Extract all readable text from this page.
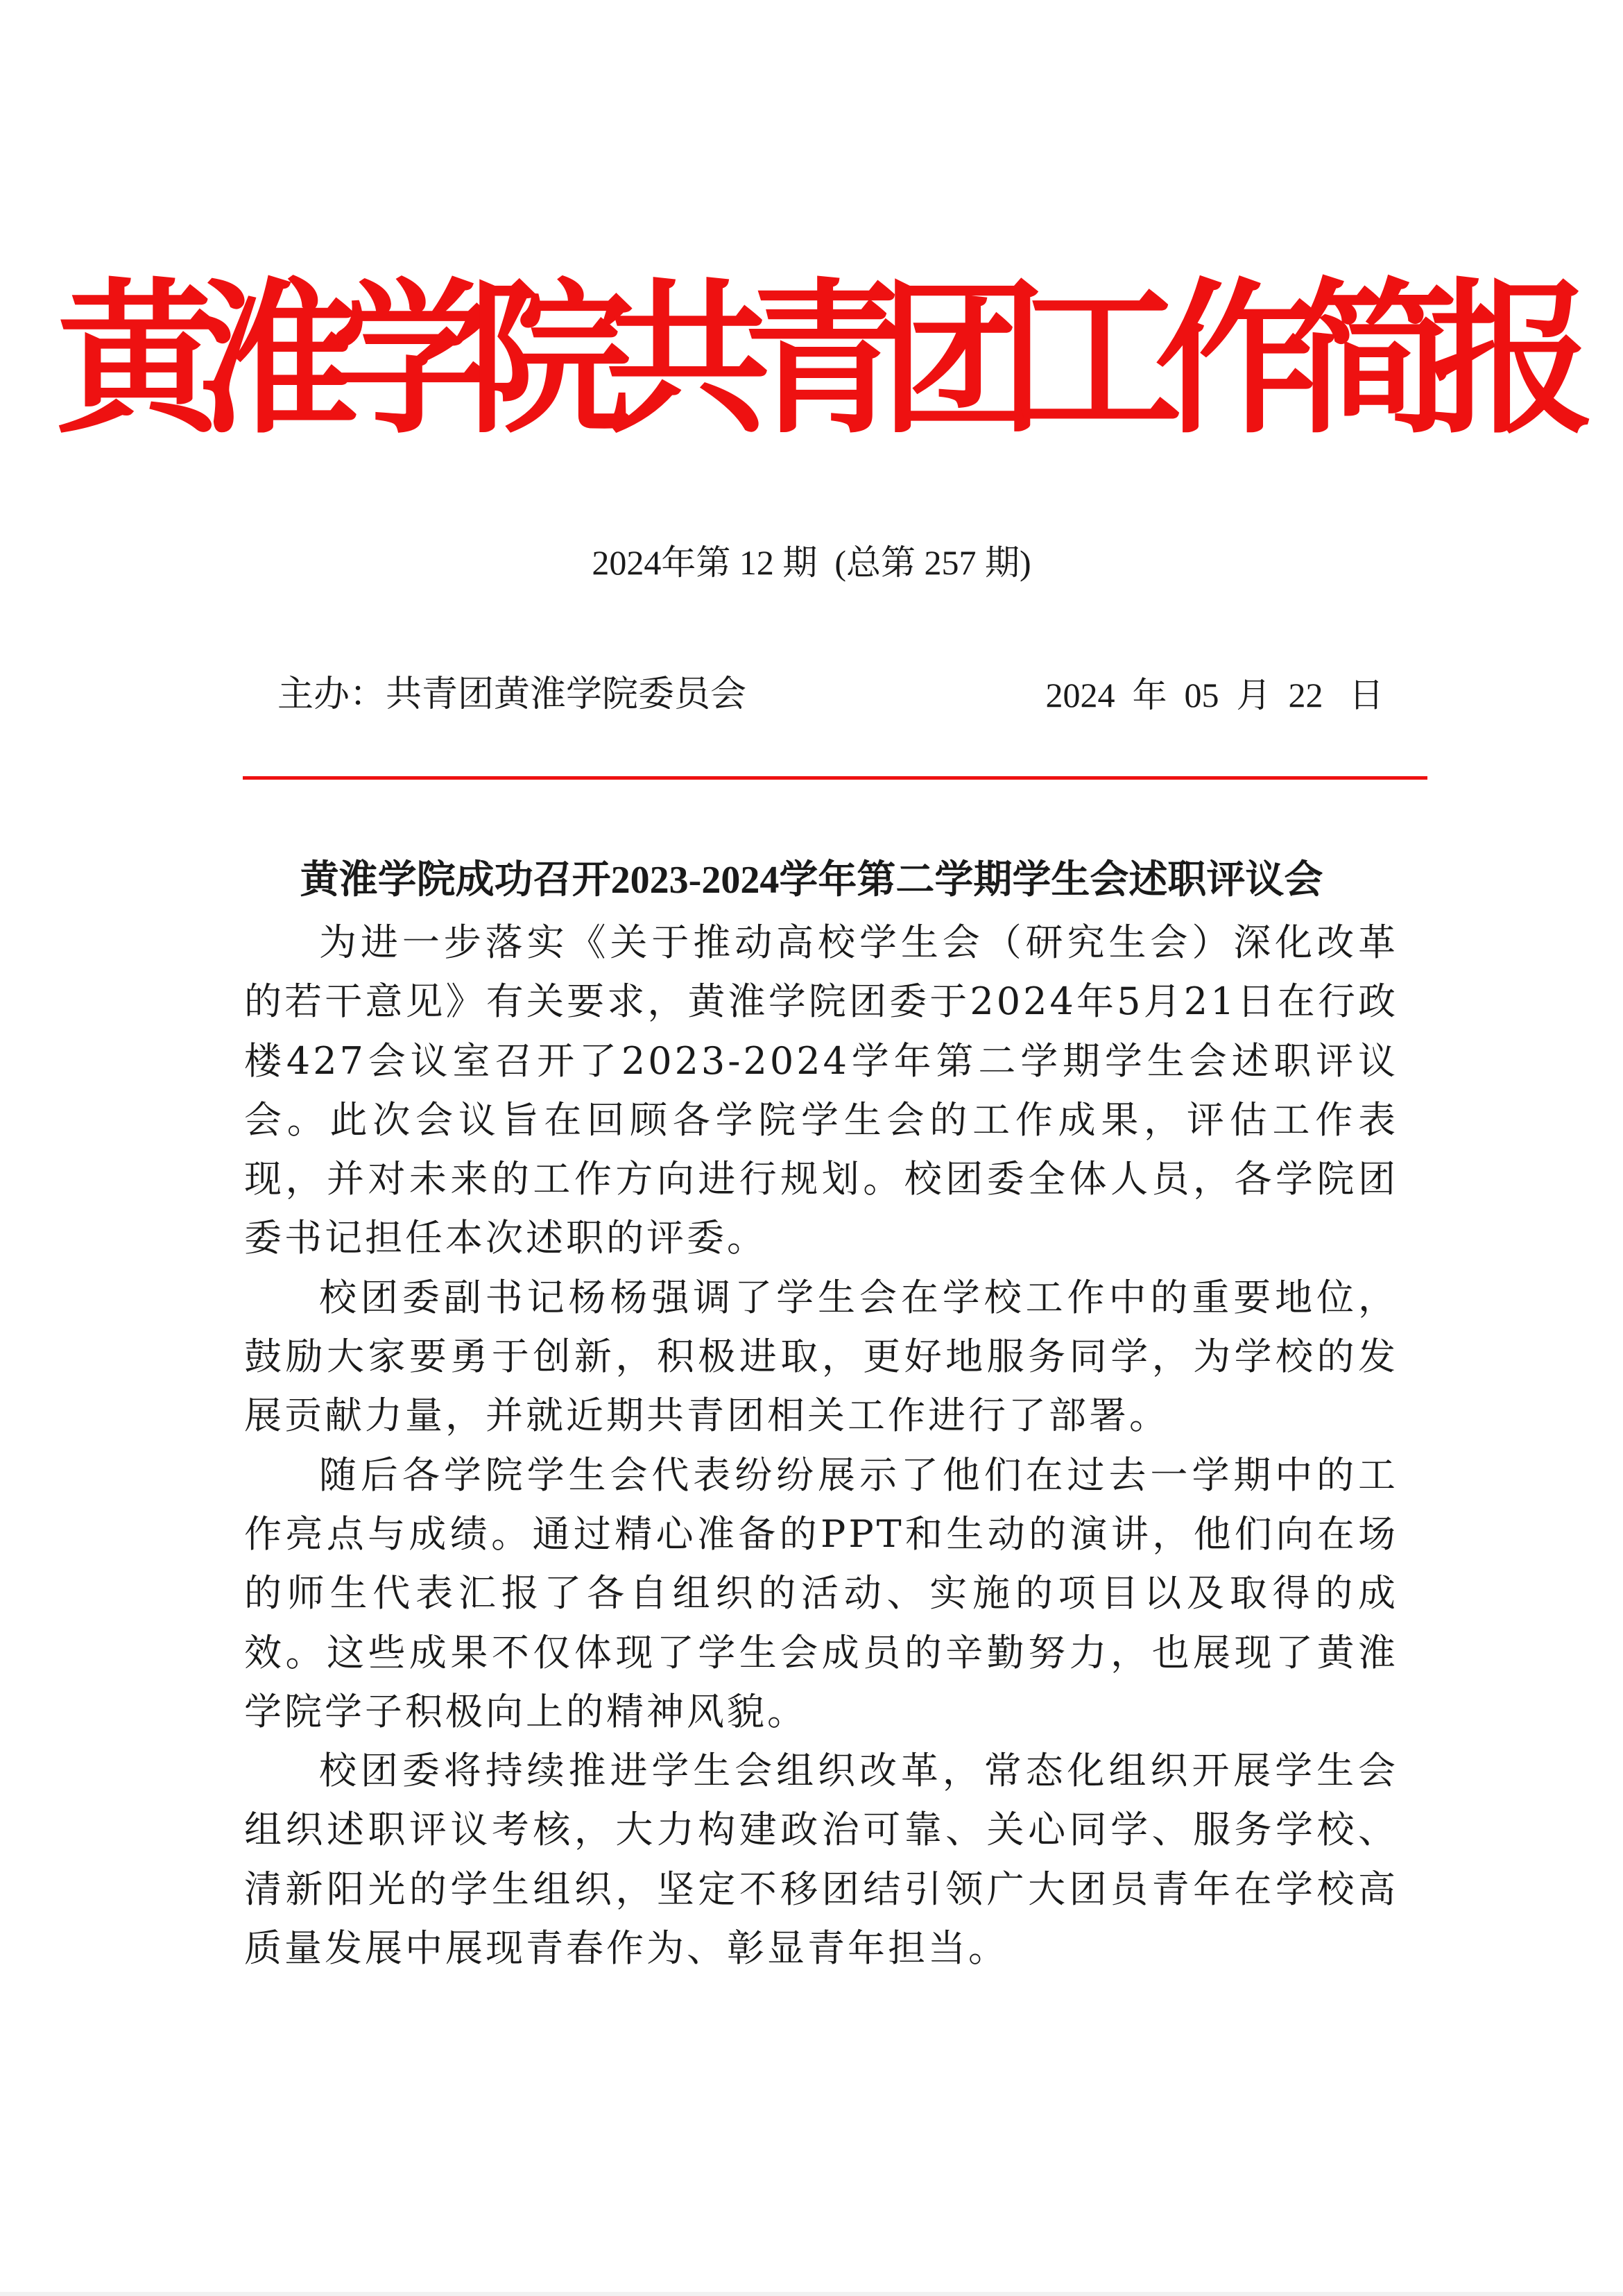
黄淮学院共青团工作简报
2024年第 12 期  (总第 257 期)
主办：共青团黄淮学院委员会	2024  年  05  月  22   日
黄淮学院成功召开2023-2024学年第二学期学生会述职评议会

为进一步落实《关于推动高校学生会（研究生会）深化改革的若干意见》有关要求，黄淮学院团委于2024年5月21日在行政楼427会议室召开了2023-2024学年第二学期学生会述职评议会。此次会议旨在回顾各学院学生会的工作成果，评估工作表现，并对未来的工作方向进行规划。校团委全体人员，各学院团委书记担任本次述职的评委。

校团委副书记杨杨强调了学生会在学校工作中的重要地位，鼓励大家要勇于创新，积极进取，更好地服务同学，为学校的发展贡献力量，并就近期共青团相关工作进行了部署。

随后各学院学生会代表纷纷展示了他们在过去一学期中的工作亮点与成绩。通过精心准备的PPT和生动的演讲，他们向在场的师生代表汇报了各自组织的活动、实施的项目以及取得的成效。这些成果不仅体现了学生会成员的辛勤努力，也展现了黄淮学院学子积极向上的精神风貌。

校团委将持续推进学生会组织改革，常态化组织开展学生会组织述职评议考核，大力构建政治可靠、关心同学、服务学校、清新阳光的学生组织，坚定不移团结引领广大团员青年在学校高质量发展中展现青春作为、彰显青年担当。
